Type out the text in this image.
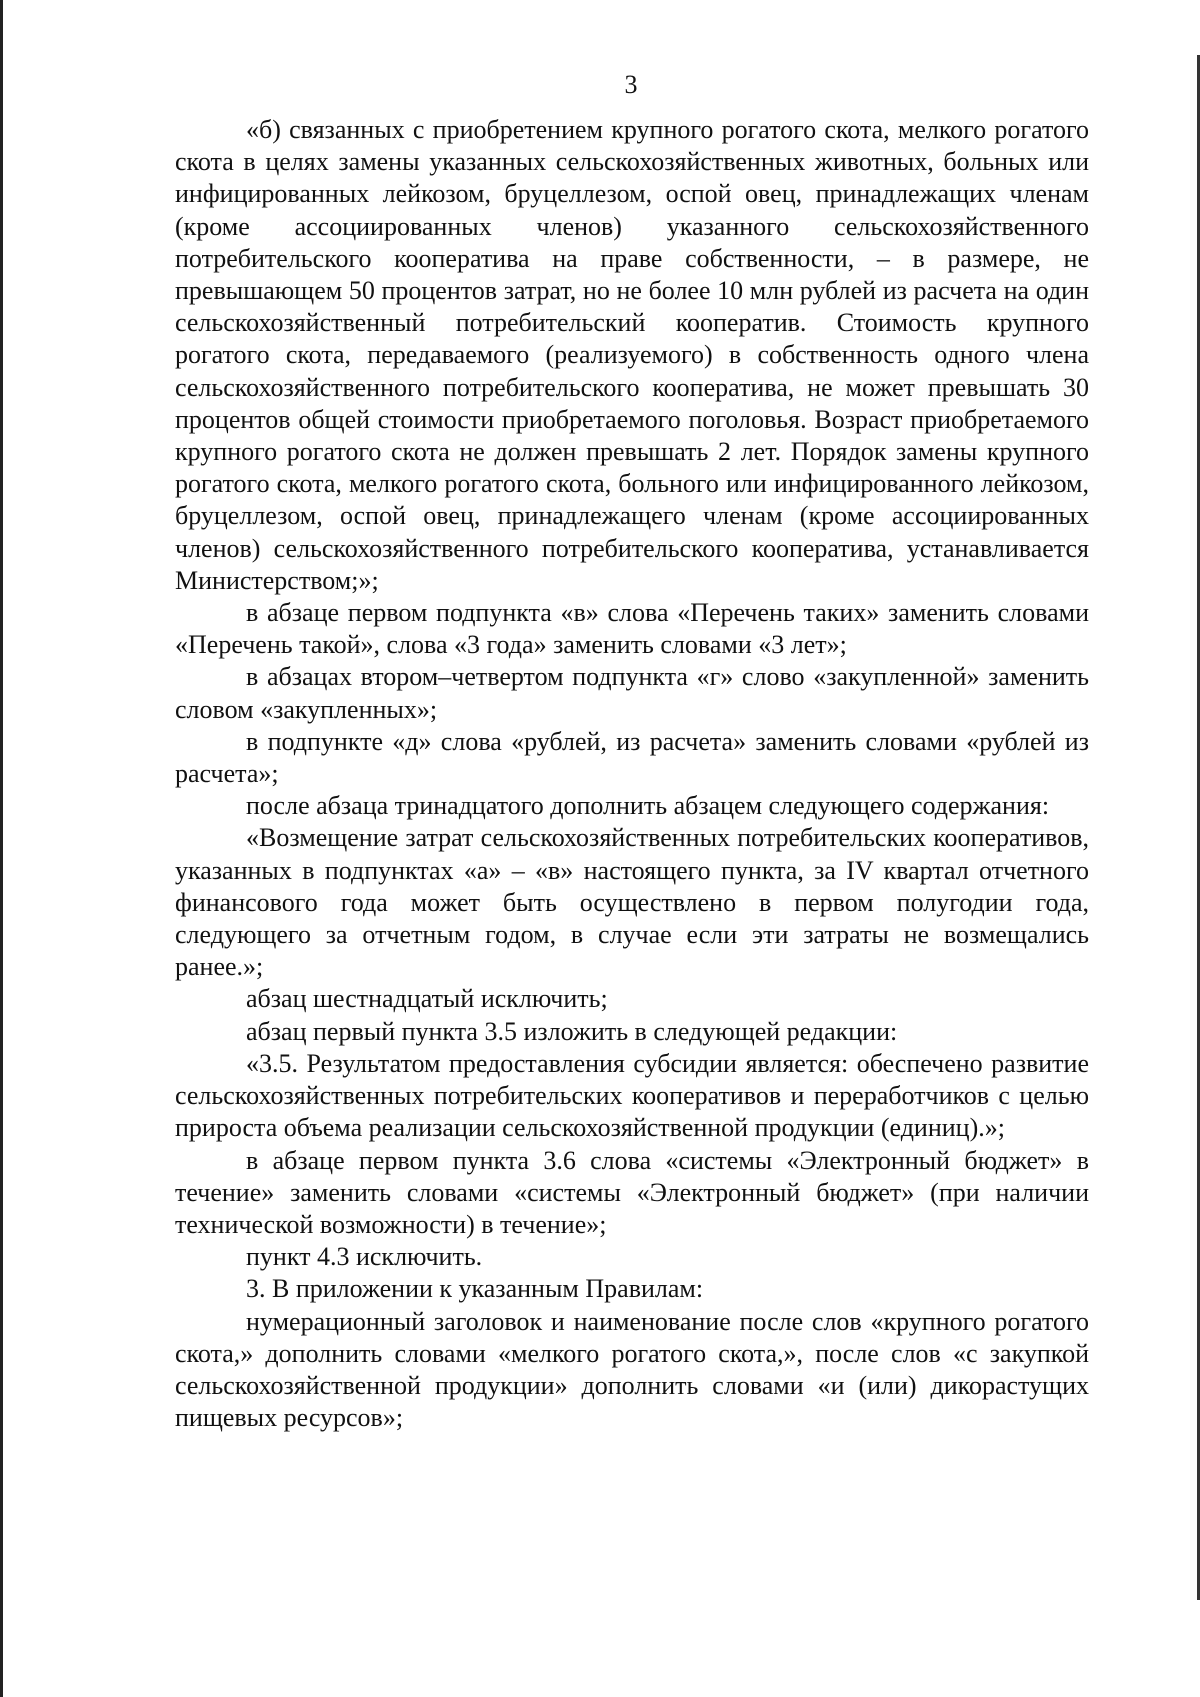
3

«б) связанных с приобретением крупного рогатого скота, мелкого рогатого скота в целях замены указанных сельскохозяйственных животных, больных или инфицированных лейкозом, бруцеллезом, оспой овец, принадлежащих членам (кроме ассоциированных членов) указанного сельскохозяйственного потребительского кооператива на праве собственности, – в размере, не превышающем 50 процентов затрат, но не более 10 млн рублей из расчета на один сельскохозяйственный потребительский кооператив. Стоимость крупного рогатого скота, передаваемого (реализуемого) в собственность одного члена сельскохозяйственного потребительского кооператива, не может превышать 30 процентов общей стоимости приобретаемого поголовья. Возраст приобретаемого крупного рогатого скота не должен превышать 2 лет. Порядок замены крупного рогатого скота, мелкого рогатого скота, больного или инфицированного лейкозом, бруцеллезом, оспой овец, принадлежащего членам (кроме ассоциированных членов) сельскохозяйственного потребительского кооператива, устанавливается Министерством;»;

в абзаце первом подпункта «в» слова «Перечень таких» заменить словами «Перечень такой», слова «3 года» заменить словами «3 лет»;

в абзацах втором–четвертом подпункта «г» слово «закупленной» заменить словом «закупленных»;

в подпункте «д» слова «рублей, из расчета» заменить словами «рублей из расчета»;

после абзаца тринадцатого дополнить абзацем следующего содержания:

«Возмещение затрат сельскохозяйственных потребительских кооперативов, указанных в подпунктах «а» – «в» настоящего пункта, за IV квартал отчетного финансового года может быть осуществлено в первом полугодии года, следующего за отчетным годом, в случае если эти затраты не возмещались ранее.»;

абзац шестнадцатый исключить;

абзац первый пункта 3.5 изложить в следующей редакции:

«3.5. Результатом предоставления субсидии является: обеспечено развитие сельскохозяйственных потребительских кооперативов и переработчиков с целью прироста объема реализации сельскохозяйственной продукции (единиц).»;

в абзаце первом пункта 3.6 слова «системы «Электронный бюджет» в течение» заменить словами «системы «Электронный бюджет» (при наличии технической возможности) в течение»;

пункт 4.3 исключить.

3. В приложении к указанным Правилам:

нумерационный заголовок и наименование после слов «крупного рогатого скота,» дополнить словами «мелкого рогатого скота,», после слов «с закупкой сельскохозяйственной продукции» дополнить словами «и (или) дикорастущих пищевых ресурсов»;
